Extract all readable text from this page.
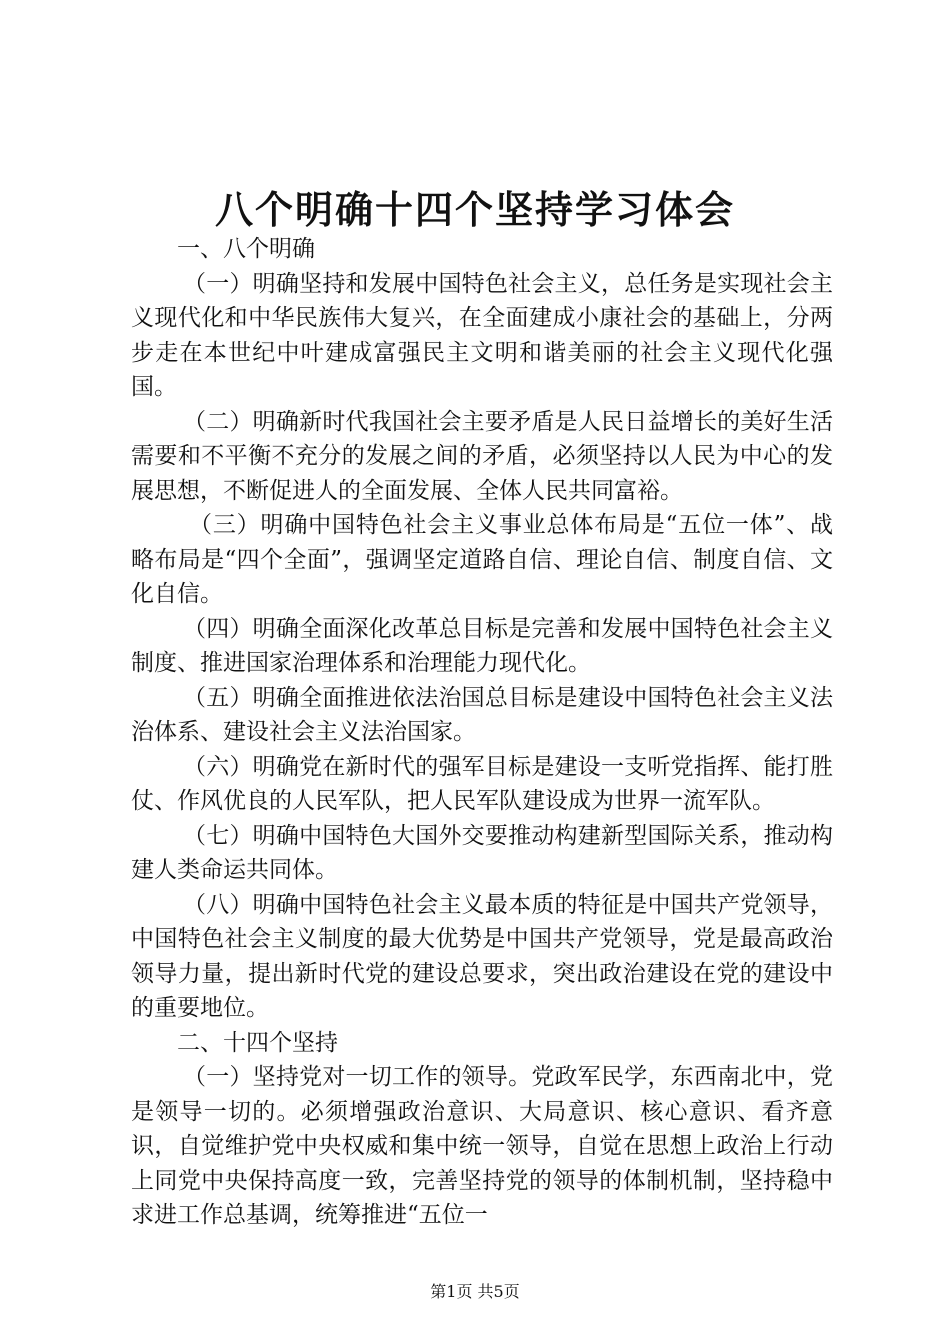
八个明确十四个坚持学习体会

一、八个明确

（一）明确坚持和发展中国特色社会主义，总任务是实现社会主义现代化和中华民族伟大复兴，在全面建成小康社会的基础上，分两步走在本世纪中叶建成富强民主文明和谐美丽的社会主义现代化强国。

（二）明确新时代我国社会主要矛盾是人民日益增长的美好生活需要和不平衡不充分的发展之间的矛盾，必须坚持以人民为中心的发展思想，不断促进人的全面发展、全体人民共同富裕。

（三）明确中国特色社会主义事业总体布局是“五位一体”、战略布局是“四个全面”，强调坚定道路自信、理论自信、制度自信、文化自信。

（四）明确全面深化改革总目标是完善和发展中国特色社会主义制度、推进国家治理体系和治理能力现代化。

（五）明确全面推进依法治国总目标是建设中国特色社会主义法治体系、建设社会主义法治国家。

（六）明确党在新时代的强军目标是建设一支听党指挥、能打胜仗、作风优良的人民军队，把人民军队建设成为世界一流军队。

（七）明确中国特色大国外交要推动构建新型国际关系，推动构建人类命运共同体。

（八）明确中国特色社会主义最本质的特征是中国共产党领导，中国特色社会主义制度的最大优势是中国共产党领导，党是最高政治领导力量，提出新时代党的建设总要求，突出政治建设在党的建设中的重要地位。

二、十四个坚持

（一）坚持党对一切工作的领导。党政军民学，东西南北中，党是领导一切的。必须增强政治意识、大局意识、核心意识、看齐意识，自觉维护党中央权威和集中统一领导，自觉在思想上政治上行动上同党中央保持高度一致，完善坚持党的领导的体制机制，坚持稳中求进工作总基调，统筹推进“五位一

第1页 共5页
